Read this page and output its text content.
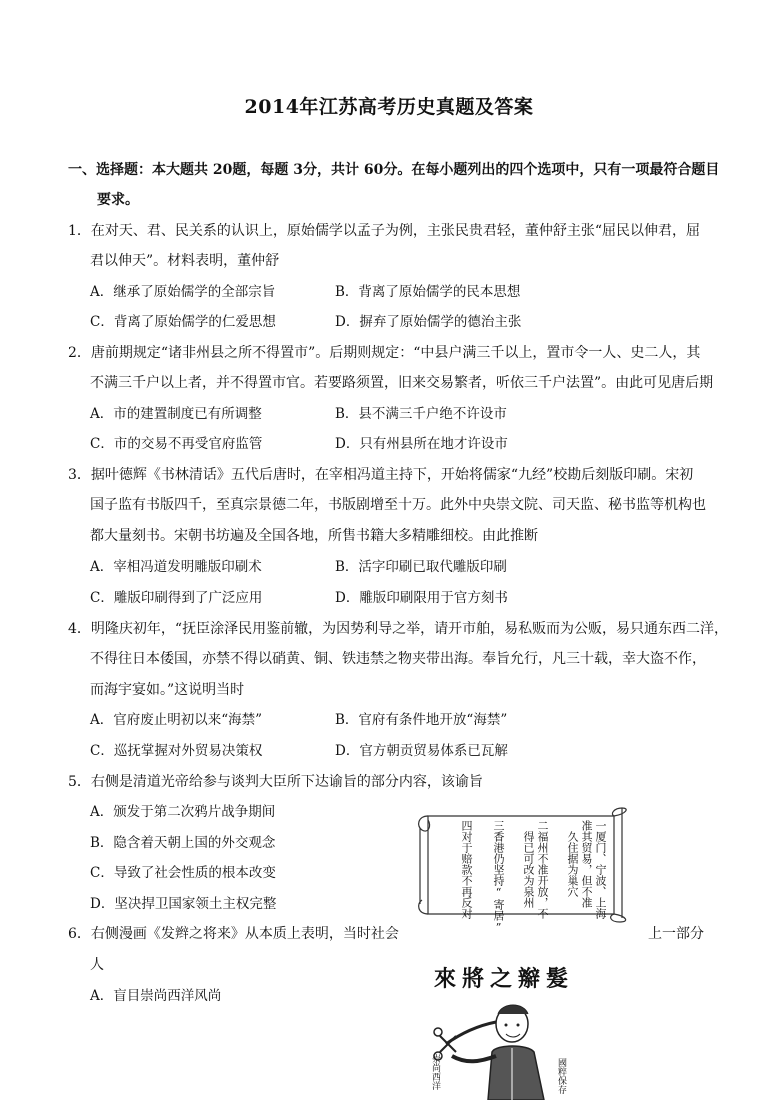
2014年江苏高考历史真题及答案
一、选择题：本大题共 20题，每题 3分，共计 60分。在每小题列出的四个选项中，只有一项最符合题目
要求。
1．在对天、君、民关系的认识上，原始儒学以孟子为例，主张民贵君轻，董仲舒主张“屈民以伸君，屈
君以伸天”。材料表明，董仲舒
A．继承了原始儒学的全部宗旨	B．背离了原始儒学的民本思想
C．背离了原始儒学的仁爱思想	D．摒弃了原始儒学的德治主张
2．唐前期规定“诸非州县之所不得置市”。后期则规定：“中县户满三千以上，置市令一人、史二人，其
不满三千户以上者，并不得置市官。若要路须置，旧来交易繁者，听依三千户法置”。由此可见唐后期
A．市的建置制度已有所调整	B．县不满三千户绝不许设市
C．市的交易不再受官府监管	D．只有州县所在地才许设市
3．据叶德辉《书林清话》五代后唐时，在宰相冯道主持下，开始将儒家“九经”校勘后刻版印刷。宋初
国子监有书版四千，至真宗景德二年，书版剧增至十万。此外中央崇文院、司天监、秘书监等机构也
都大量刻书。宋朝书坊遍及全国各地，所售书籍大多精雕细校。由此推断
A．宰相冯道发明雕版印刷术	B．活字印刷已取代雕版印刷
C．雕版印刷得到了广泛应用	D．雕版印刷限用于官方刻书
4．明隆庆初年，“抚臣涂泽民用鉴前辙，为因势利导之举，请开市舶，易私贩而为公贩，易只通东西二洋，
不得往日本倭国，亦禁不得以硝黄、铜、铁违禁之物夹带出海。奉旨允行，凡三十载，幸大盗不作，
而海宇宴如。”这说明当时
A．官府废止明初以来“海禁”	B．官府有条件地开放“海禁”
C．巡抚掌握对外贸易决策权	D．官方朝贡贸易体系已瓦解
5．右侧是清道光帝给参与谈判大臣所下达谕旨的部分内容，该谕旨
A．颁发于第二次鸦片战争期间
B．隐含着天朝上国的外交观念
C．导致了社会性质的根本改变
D．坚决捍卫国家领土主权完整	一厦门、宁波、上海
准其贸易，但不准
久住据为巢穴
二福州不准开放，不
得已可改为泉州
三香港仍坚持“寄居”
四对于赔款不再反对
6．右侧漫画《发辫之将来》从本质上表明，当时社会	上一部分
人
A．盲目崇尚西洋风尚
來將之辮髮
崇尚西洋	國粹保存
